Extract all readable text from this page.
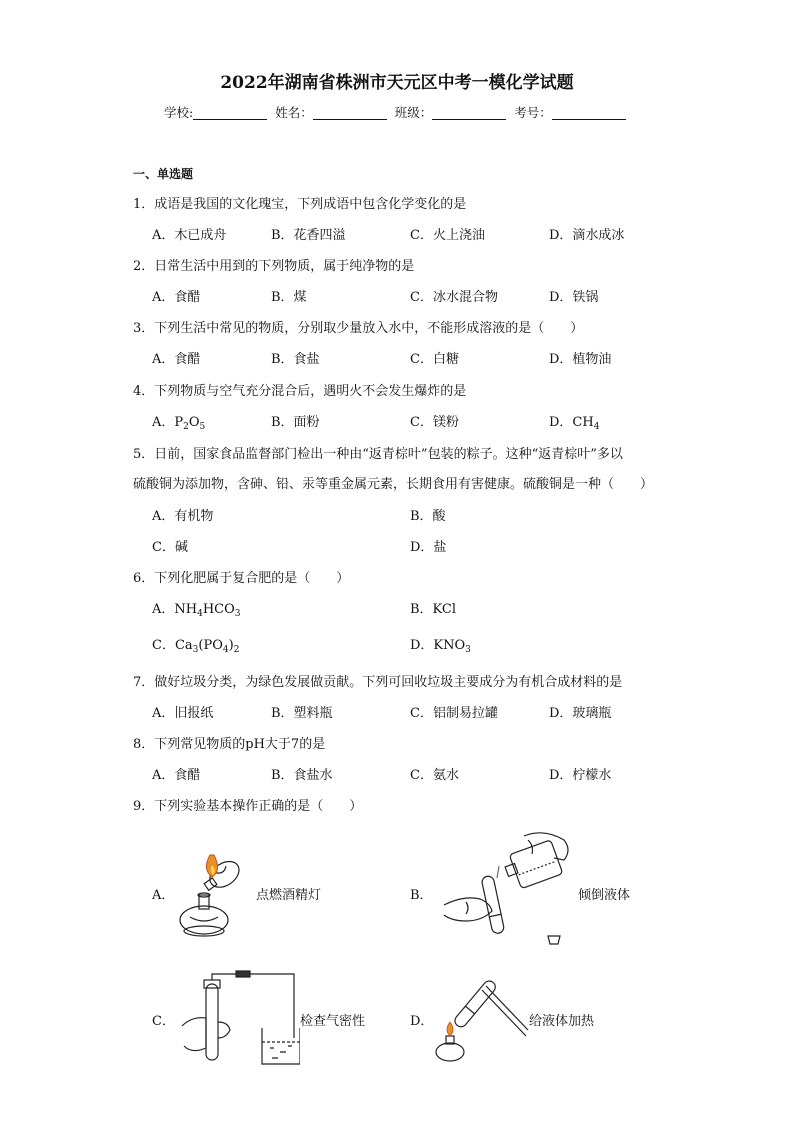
2022年湖南省株洲市天元区中考一模化学试题
学校:	姓名：	班级：	考号：
一、单选题
1．成语是我国的文化瑰宝，下列成语中包含化学变化的是
A．木已成舟	B．花香四溢	C．火上浇油	D．滴水成冰
2．日常生活中用到的下列物质，属于纯净物的是
A．食醋	B．煤	C．冰水混合物	D．铁锅
3．下列生活中常见的物质，分别取少量放入水中，不能形成溶液的是（　　）
A．食醋	B．食盐	C．白糖	D．植物油
4．下列物质与空气充分混合后，遇明火不会发生爆炸的是
A．$P_2O_5$	B．面粉	C．镁粉	D．$CH_4$
5．日前，国家食品监督部门检出一种由“返青棕叶”包装的粽子。这种“返青棕叶”多以
硫酸铜为添加物，含砷、铅、汞等重金属元素，长期食用有害健康。硫酸铜是一种（　　）
A．有机物	B．酸
C．碱	D．盐
6．下列化肥属于复合肥的是（　　）
A．$NH_4HCO_3$	B．KCl
C．$Ca_3(PO_4)_2$	D．$KNO_3$
7．做好垃圾分类，为绿色发展做贡献。下列可回收垃圾主要成分为有机合成材料的是
A．旧报纸	B．塑料瓶	C．铝制易拉罐	D．玻璃瓶
8．下列常见物质的pH大于7的是
A．食醋	B．食盐水	C．氨水	D．柠檬水
9．下列实验基本操作正确的是（　　）
A．	点燃酒精灯	B．	倾倒液体
C．	检查气密性	D．	给液体加热
